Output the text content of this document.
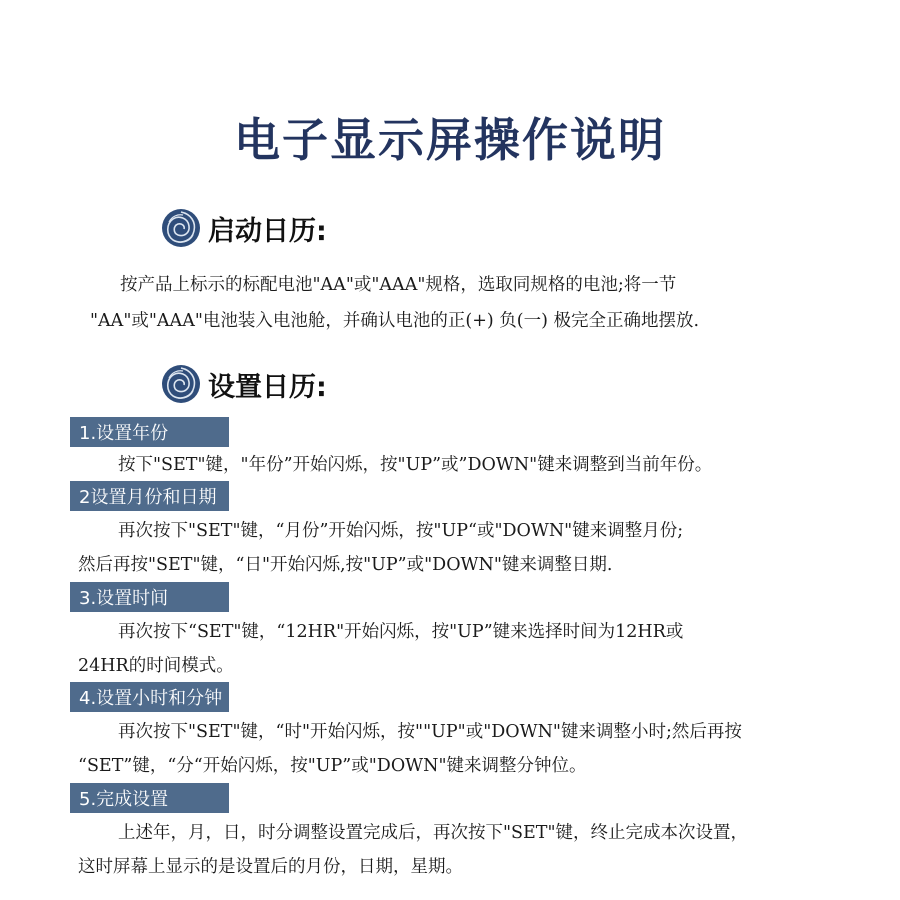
电子显示屏操作说明
启动日历:
按产品上标示的标配电池"AA"或"AAA"规格，选取同规格的电池;将一节
"AA"或"AAA"电池装入电池舱，并确认电池的正(+) 负(一) 极完全正确地摆放.
设置日历:
1.设置年份
按下"SET"键，"年份”开始闪烁，按"UP”或”DOWN"键来调整到当前年份。
2设置月份和日期
再次按下"SET"键，“月份”开始闪烁，按"UP“或"DOWN"键来调整月份;
然后再按"SET"键，“日"开始闪烁,按"UP”或"DOWN"键来调整日期.
3.设置时间
再次按下“SET"键，“12HR"开始闪烁，按"UP”键来选择时间为12HR或
24HR的时间模式。
4.设置小时和分钟
再次按下"SET"键，“时"开始闪烁，按""UP"或"DOWN"键来调整小时;然后再按
“SET”键，“分“开始闪烁，按"UP”或"DOWN"键来调整分钟位。
5.完成设置
上述年，月，日，时分调整设置完成后，再次按下"SET"键，终止完成本次设置，
这时屏幕上显示的是设置后的月份，日期，星期。
